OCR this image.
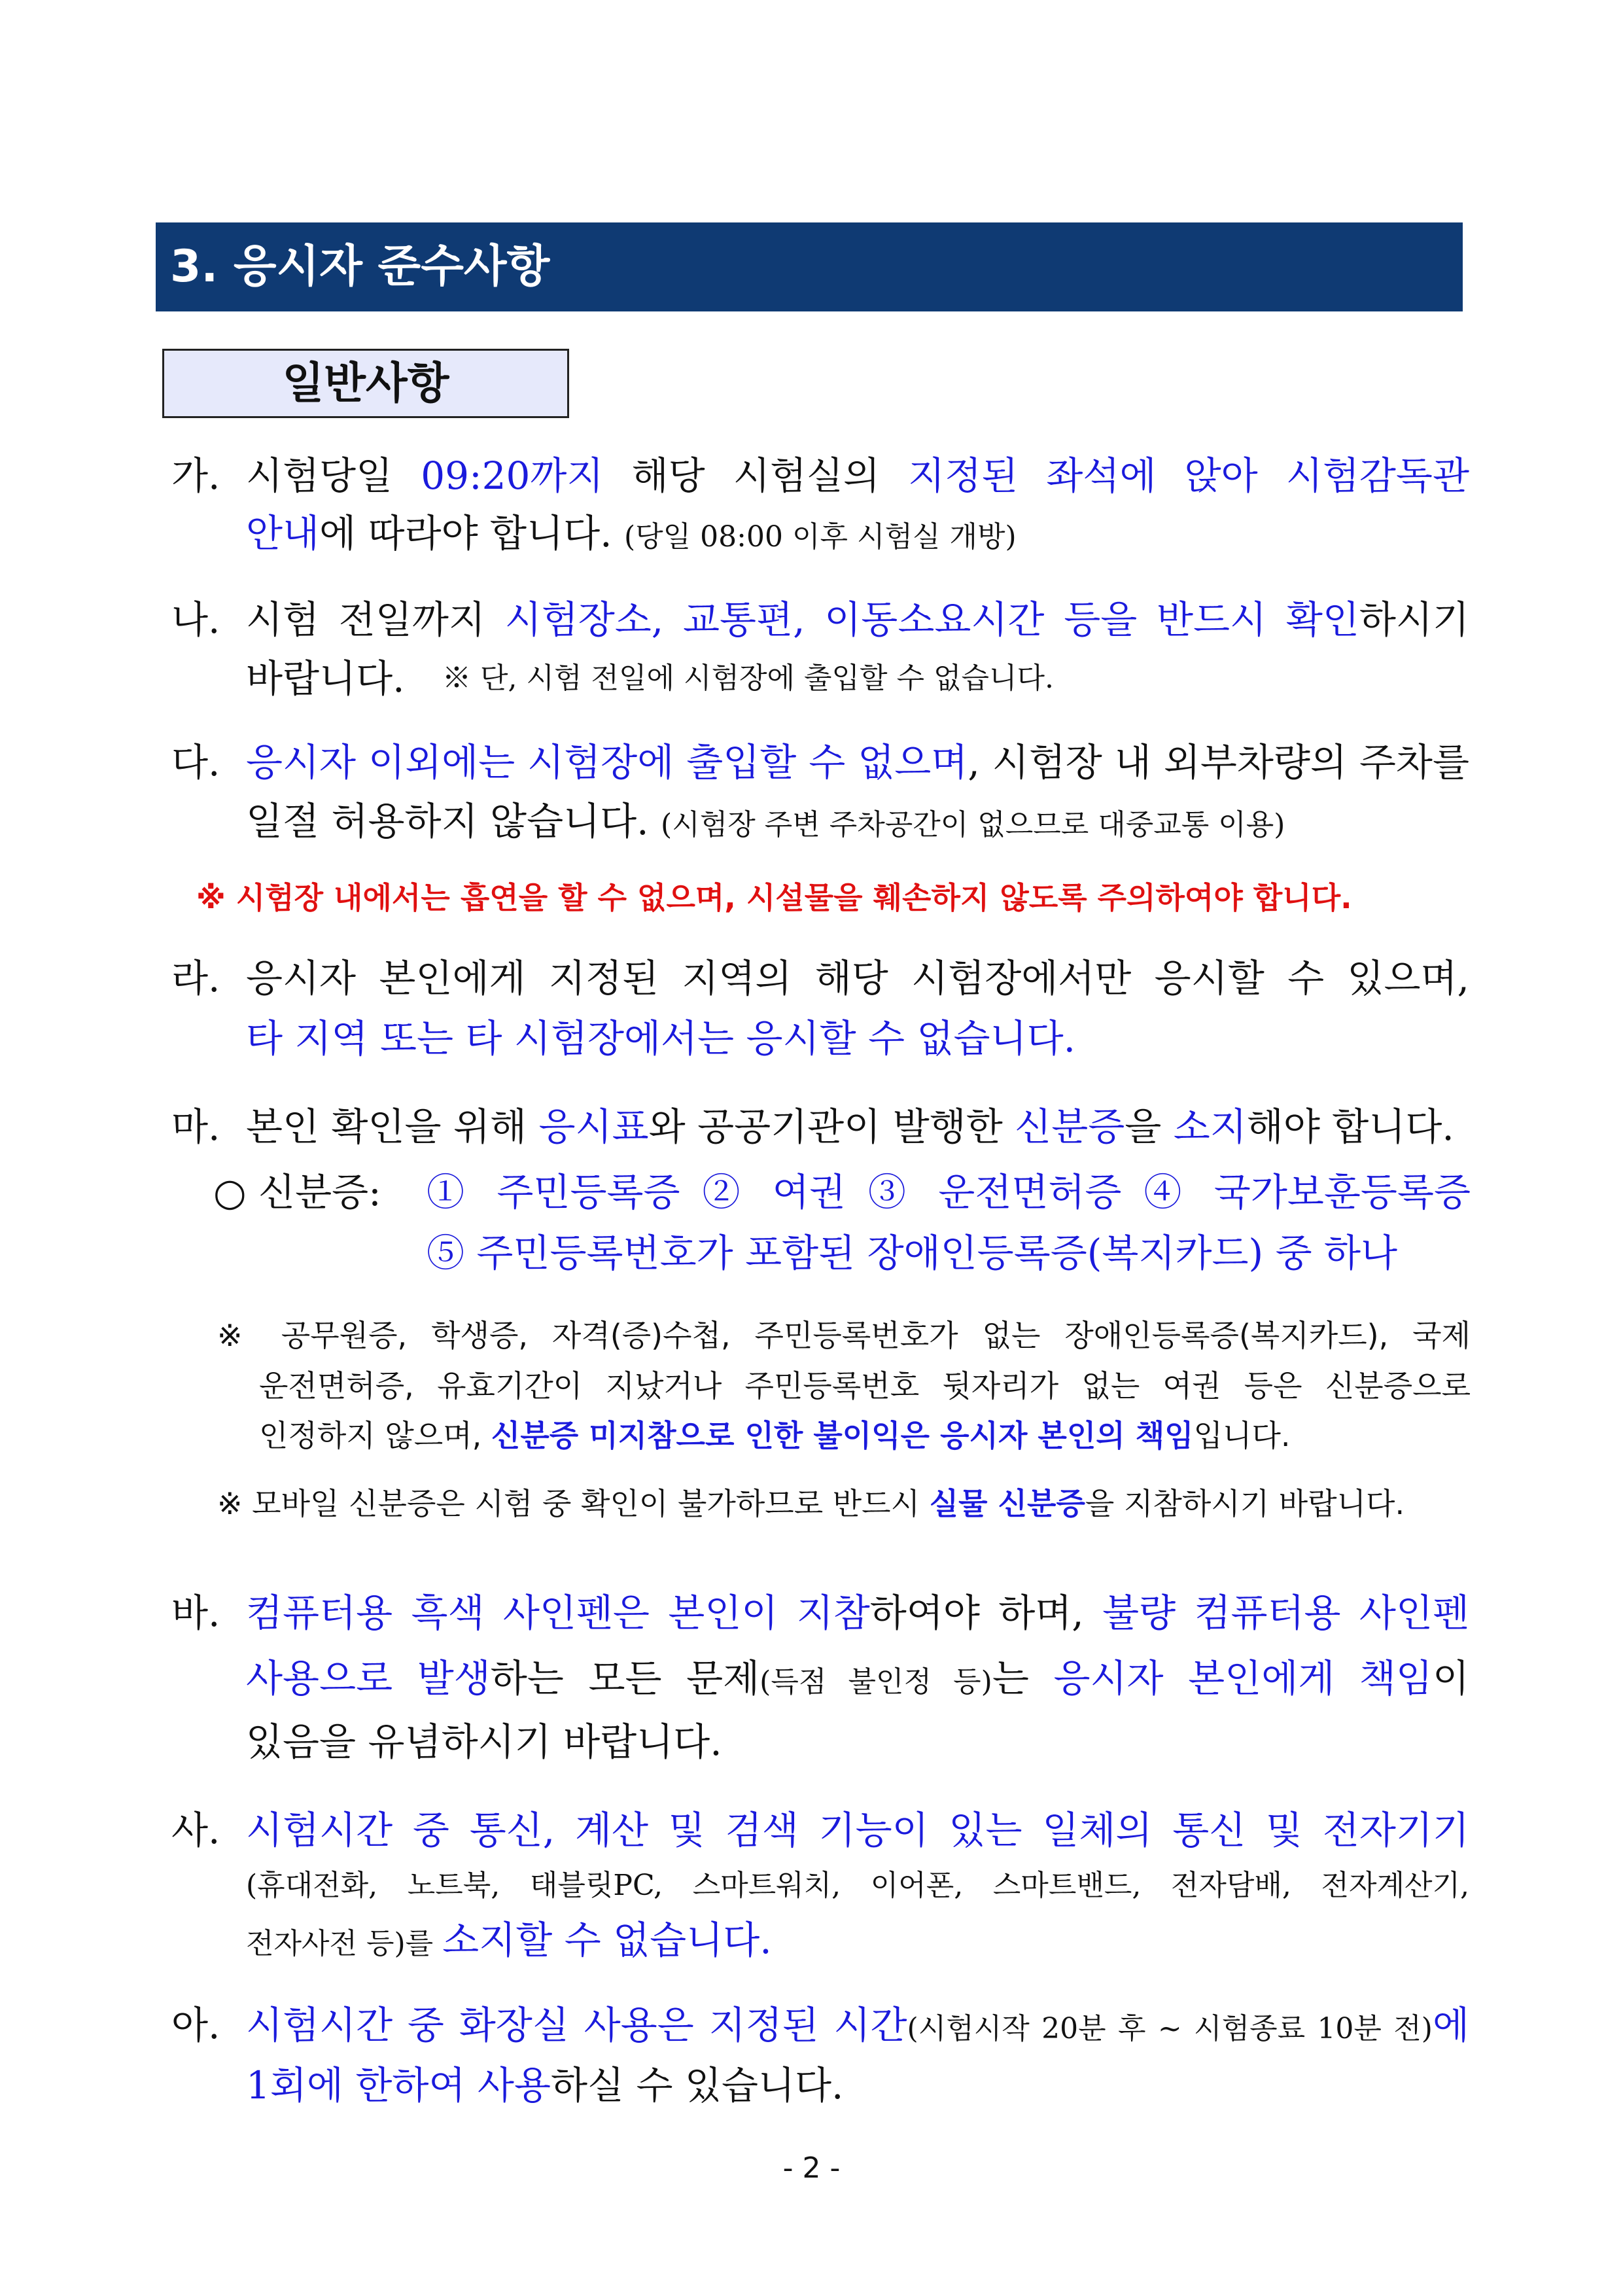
3. 응시자 준수사항
일반사항
가. 시험당일 09:20까지 해당 시험실의 지정된 좌석에 앉아 시험감독관
안내에 따라야 합니다. (당일 08:00 이후 시험실 개방)
나. 시험 전일까지 시험장소, 교통편, 이동소요시간 등을 반드시 확인하시기
바랍니다. ※ 단, 시험 전일에 시험장에 출입할 수 없습니다.
다. 응시자 이외에는 시험장에 출입할 수 없으며, 시험장 내 외부차량의 주차를
일절 허용하지 않습니다. (시험장 주변 주차공간이 없으므로 대중교통 이용)
※ 시험장 내에서는 흡연을 할 수 없으며, 시설물을 훼손하지 않도록 주의하여야 합니다.
라. 응시자 본인에게 지정된 지역의 해당 시험장에서만 응시할 수 있으며,
타 지역 또는 타 시험장에서는 응시할 수 없습니다.
마. 본인 확인을 위해 응시표와 공공기관이 발행한 신분증을 소지해야 합니다.
○ 신분증: ① 주민등록증 ② 여권 ③ 운전면허증 ④ 국가보훈등록증
⑤ 주민등록번호가 포함된 장애인등록증(복지카드) 중 하나
※ 공무원증, 학생증, 자격(증)수첩, 주민등록번호가 없는 장애인등록증(복지카드), 국제
운전면허증, 유효기간이 지났거나 주민등록번호 뒷자리가 없는 여권 등은 신분증으로
인정하지 않으며, 신분증 미지참으로 인한 불이익은 응시자 본인의 책임입니다.
※ 모바일 신분증은 시험 중 확인이 불가하므로 반드시 실물 신분증을 지참하시기 바랍니다.
바. 컴퓨터용 흑색 사인펜은 본인이 지참하여야 하며, 불량 컴퓨터용 사인펜
사용으로 발생하는 모든 문제(득점 불인정 등)는 응시자 본인에게 책임이
있음을 유념하시기 바랍니다.
사. 시험시간 중 통신, 계산 및 검색 기능이 있는 일체의 통신 및 전자기기
(휴대전화, 노트북, 태블릿PC, 스마트워치, 이어폰, 스마트밴드, 전자담배, 전자계산기,
전자사전 등)를 소지할 수 없습니다.
아. 시험시간 중 화장실 사용은 지정된 시간(시험시작 20분 후 ~ 시험종료 10분 전)에
1회에 한하여 사용하실 수 있습니다.
- 2 -
